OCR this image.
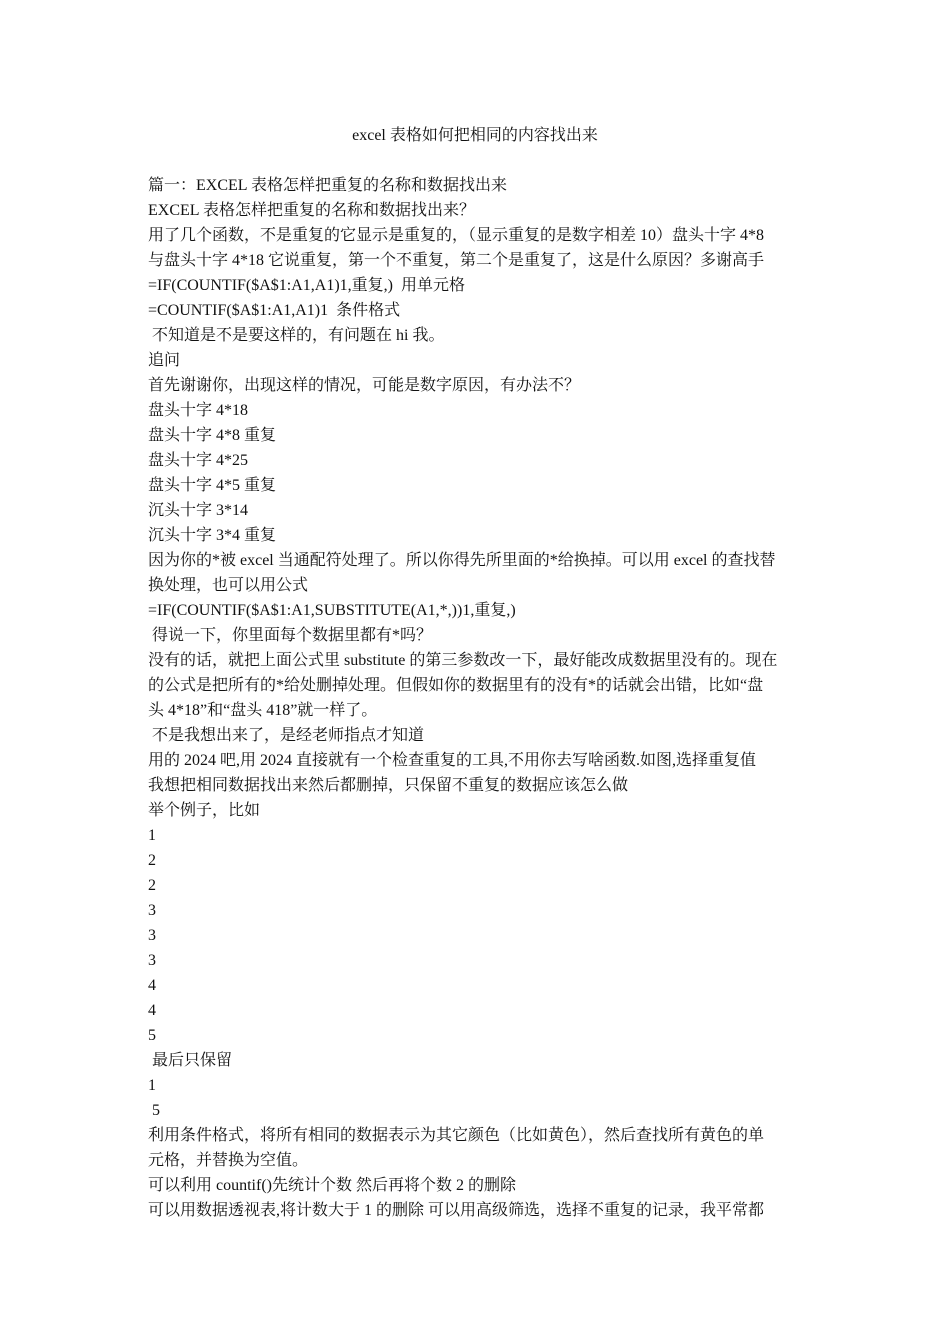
excel 表格如何把相同的内容找出来
篇一：EXCEL 表格怎样把重复的名称和数据找出来
EXCEL 表格怎样把重复的名称和数据找出来？
用了几个函数，不是重复的它显示是重复的，（显示重复的是数字相差 10）盘头十字 4*8
与盘头十字 4*18 它说重复，第一个不重复，第二个是重复了，这是什么原因？多谢高手
=IF(COUNTIF($A$1:A1,A1)1,重复,)  用单元格
=COUNTIF($A$1:A1,A1)1  条件格式
不知道是不是要这样的，有问题在 hi 我。
追问
首先谢谢你，出现这样的情况，可能是数字原因，有办法不？
盘头十字 4*18
盘头十字 4*8 重复
盘头十字 4*25
盘头十字 4*5 重复
沉头十字 3*14
沉头十字 3*4 重复
因为你的*被 excel 当通配符处理了。所以你得先所里面的*给换掉。可以用 excel 的查找替
换处理，也可以用公式
=IF(COUNTIF($A$1:A1,SUBSTITUTE(A1,*,))1,重复,)
得说一下，你里面每个数据里都有*吗？
没有的话，就把上面公式里 substitute 的第三参数改一下，最好能改成数据里没有的。现在
的公式是把所有的*给处删掉处理。但假如你的数据里有的没有*的话就会出错，比如“盘
头 4*18”和“盘头 418”就一样了。
不是我想出来了，是经老师指点才知道
用的 2024 吧,用 2024 直接就有一个检查重复的工具,不用你去写啥函数.如图,选择重复值
我想把相同数据找出来然后都删掉，只保留不重复的数据应该怎么做
举个例子，比如
1
2
2
3
3
3
4
4
5
最后只保留
1
5
利用条件格式，将所有相同的数据表示为其它颜色（比如黄色），然后查找所有黄色的单
元格，并替换为空值。
可以利用 countif()先统计个数 然后再将个数 2 的删除
可以用数据透视表,将计数大于 1 的删除 可以用高级筛选，选择不重复的记录，我平常都
